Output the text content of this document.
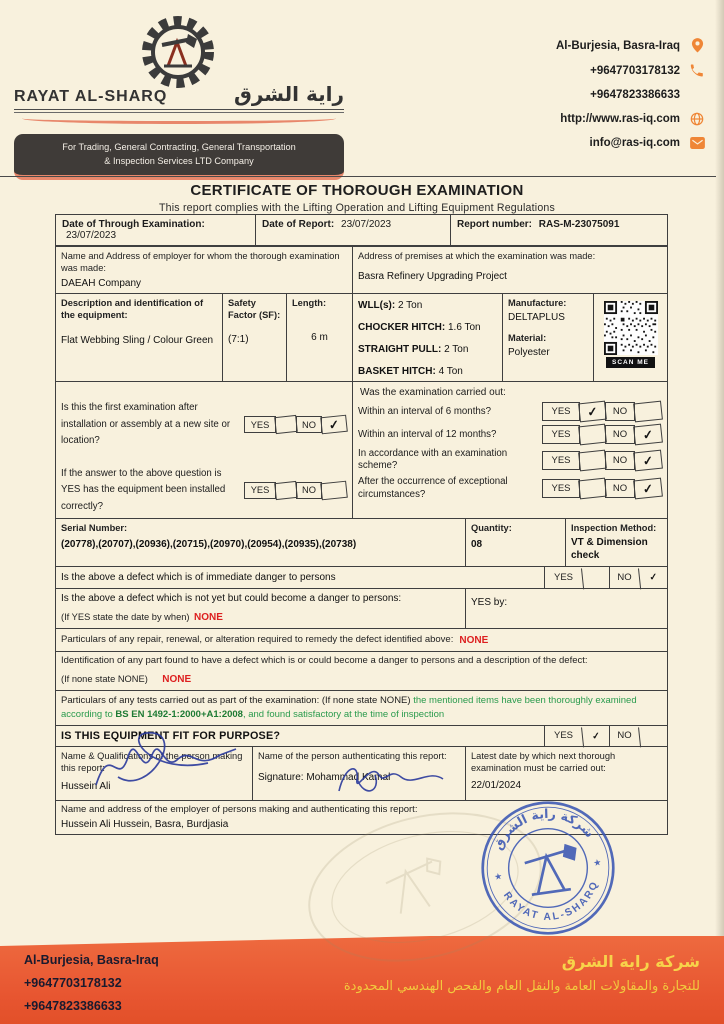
RAYAT AL-SHARQ	راية الشرق
For Trading, General Contracting, General Transportation
& Inspection Services LTD Company
Al-Burjesia, Basra-Iraq
+9647703178132
+9647823386633
http://www.ras-iq.com
info@ras-iq.com
CERTIFICATE OF THOROUGH EXAMINATION
This report complies with the Lifting Operation and Lifting Equipment Regulations
Date of Through Examination: 23/07/2023
Date of Report: 23/07/2023	Report number: RAS-M-23075091
Name and Address of employer for whom the thorough examination was made:
DAEAH Company
Address of premises at which the examination was made:
Basra Refinery Upgrading Project
Description and identification of the equipment:
Flat Webbing Sling / Colour Green
Safety Factor (SF):
(7:1)
Length:
6 m
WLL(s): 2 Ton
CHOCKER HITCH: 1.6 Ton
STRAIGHT PULL: 2 Ton
BASKET HITCH: 4 Ton
Manufacture:
DELTAPLUS
Material:
Polyester
SCAN ME
Is this the first examination after installation or assembly at a new site or location?
YES	NO ✓
If the answer to the above question is YES has the equipment been installed correctly?
YES	NO
Was the examination carried out:
Within an interval of 6 months?	YES	✓	NO
Within an interval of 12 months?	YES	NO	✓
In accordance with an examination scheme?	YES	NO	✓
After the occurrence of exceptional circumstances?	YES	NO	✓
Serial Number:
(20778),(20707),(20936),(20715),(20970),(20954),(20935),(20738)
Quantity:
08
Inspection Method:
VT & Dimension check
Is the above a defect which is of immediate danger to persons	YES	NO	✓
Is the above a defect which is not yet but could become a danger to persons:
(If YES state the date by when) NONE
YES by:
Particulars of any repair, renewal, or alteration required to remedy the defect identified above: NONE
Identification of any part found to have a defect which is or could become a danger to persons and a description of the defect:
(If none state NONE) NONE
Particulars of any tests carried out as part of the examination: (If none state NONE) the mentioned items have been thoroughly examined according to BS EN 1492-1:2000+A1:2008, and found satisfactory at the time of inspection
IS THIS EQUIPMENT FIT FOR PURPOSE?	YES	✓	NO
Name & Qualifications of the person making this report:
Hussein Ali
Name of the person authenticating this report:
Signature: Mohammad Kamal
Latest date by which next thorough examination must be carried out:
22/01/2024
Name and address of the employer of persons making and authenticating this report:
Hussein Ali Hussein, Basra, Burdjasia
شركة راية الشرق
RAYAT AL-SHARQ
★
★
Al-Burjesia, Basra-Iraq
+9647703178132
+9647823386633
شركة راية الشرق
للتجارة والمقاولات العامة والنقل العام والفحص الهندسي المحدودة
